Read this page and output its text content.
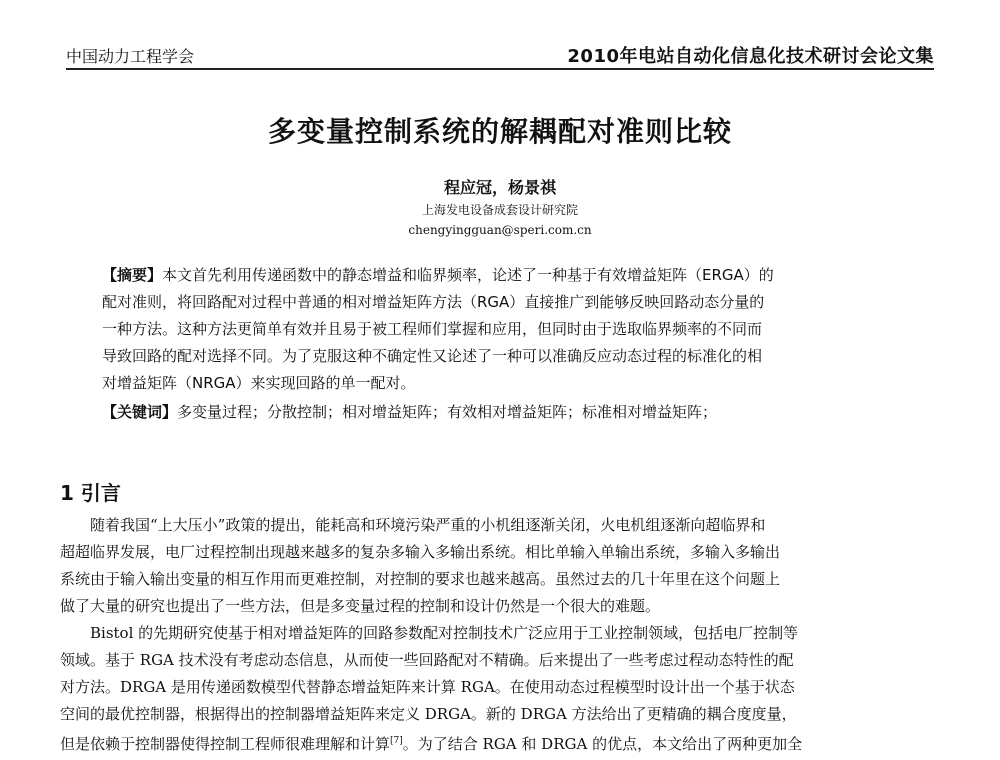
中国动力工程学会	2010年电站自动化信息化技术研讨会论文集
多变量控制系统的解耦配对准则比较
程应冠，杨景祺
上海发电设备成套设计研究院
chengyingguan@speri.com.cn
【摘要】本文首先利用传递函数中的静态增益和临界频率，论述了一种基于有效增益矩阵（ERGA）的
配对准则，将回路配对过程中普通的相对增益矩阵方法（RGA）直接推广到能够反映回路动态分量的
一种方法。这种方法更简单有效并且易于被工程师们掌握和应用，但同时由于选取临界频率的不同而
导致回路的配对选择不同。为了克服这种不确定性又论述了一种可以准确反应动态过程的标准化的相
对增益矩阵（NRGA）来实现回路的单一配对。
【关键词】多变量过程；分散控制；相对增益矩阵；有效相对增益矩阵；标准相对增益矩阵；
1 引言
随着我国“上大压小”政策的提出，能耗高和环境污染严重的小机组逐渐关闭，火电机组逐渐向超临界和
超超临界发展，电厂过程控制出现越来越多的复杂多输入多输出系统。相比单输入单输出系统，多输入多输出
系统由于输入输出变量的相互作用而更难控制，对控制的要求也越来越高。虽然过去的几十年里在这个问题上
做了大量的研究也提出了一些方法，但是多变量过程的控制和设计仍然是一个很大的难题。
Bistol 的先期研究使基于相对增益矩阵的回路参数配对控制技术广泛应用于工业控制领域，包括电厂控制等
领域。基于 RGA 技术没有考虑动态信息，从而使一些回路配对不精确。后来提出了一些考虑过程动态特性的配
对方法。DRGA 是用传递函数模型代替静态增益矩阵来计算 RGA。在使用动态过程模型时设计出一个基于状态
空间的最优控制器，根据得出的控制器增益矩阵来定义 DRGA。新的 DRGA 方法给出了更精确的耦合度度量，
但是依赖于控制器使得控制工程师很难理解和计算[7]。为了结合 RGA 和 DRGA 的优点，本文给出了两种更加全
